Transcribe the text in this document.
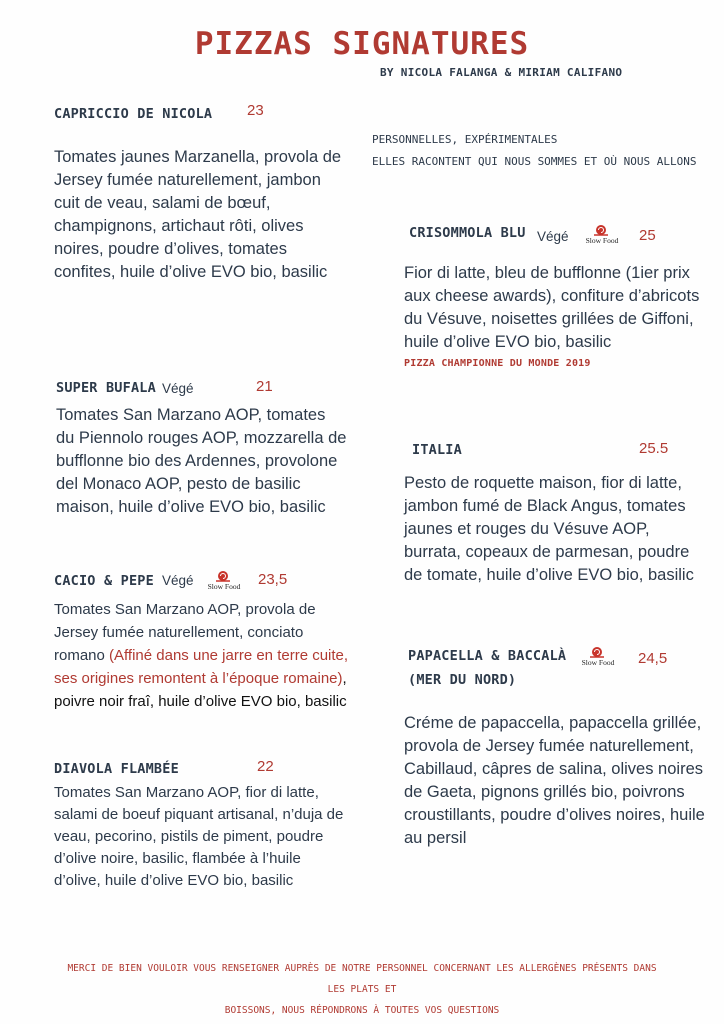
PIZZAS SIGNATURES
BY NICOLA FALANGA & MIRIAM CALIFANO
PERSONNELLES, EXPÉRIMENTALES
ELLES RACONTENT QUI NOUS SOMMES ET OÙ NOUS ALLONS
CAPRICCIO DE NICOLA 23

Tomates jaunes Marzanella, provola de Jersey fumée naturellement, jambon cuit de veau, salami de bœuf, champignons, artichaut rôti, olives noires, poudre d’olives, tomates confites, huile d’olive EVO bio, basilic

SUPER BUFALA Végé	21

Tomates San Marzano AOP, tomates du Piennolo rouges AOP, mozzarella de bufflonne bio des Ardennes, provolone del Monaco AOP, pesto de basilic maison, huile d’olive EVO bio, basilic

CACIO & PEPE Végé	Slow Food	23,5

Tomates San Marzano AOP, provola de Jersey fumée naturellement, conciato romano (Affiné dans une jarre en terre cuite, ses origines remontent à l’époque romaine), poivre noir fraî, huile d’olive EVO bio, basilic

DIAVOLA FLAMBÉE	22

Tomates San Marzano AOP, fior di latte, salami de boeuf piquant artisanal, n’duja de veau, pecorino, pistils de piment, poudre d’olive noire, basilic, flambée à l’huile d’olive, huile d’olive EVO bio, basilic

CRISOMMOLA BLU Végé	Slow Food	25

Fior di latte, bleu de bufflonne (1ier prix aux cheese awards), confiture d’abricots du Vésuve, noisettes grillées de Giffoni, huile d’olive EVO bio, basilic

PIZZA CHAMPIONNE DU MONDE 2019
ITALIA	25.5

Pesto de roquette maison, fior di latte, jambon fumé de Black Angus, tomates jaunes et rouges du Vésuve AOP, burrata, copeaux de parmesan, poudre de tomate, huile d’olive EVO bio, basilic

PAPACELLA & BACCALÀ
(MER DU NORD)
Slow Food	24,5

Créme de papaccella, papaccella grillée, provola de Jersey fumée naturellement, Cabillaud, câpres de salina, olives noires de Gaeta, pignons grillés bio, poivrons croustillants, poudre d’olives noires, huile au persil

MERCI DE BIEN VOULOIR VOUS RENSEIGNER AUPRÈS DE NOTRE PERSONNEL CONCERNANT LES ALLERGÈNES PRÉSENTS DANS LES PLATS ET
BOISSONS, NOUS RÉPONDRONS À TOUTES VOS QUESTIONS
